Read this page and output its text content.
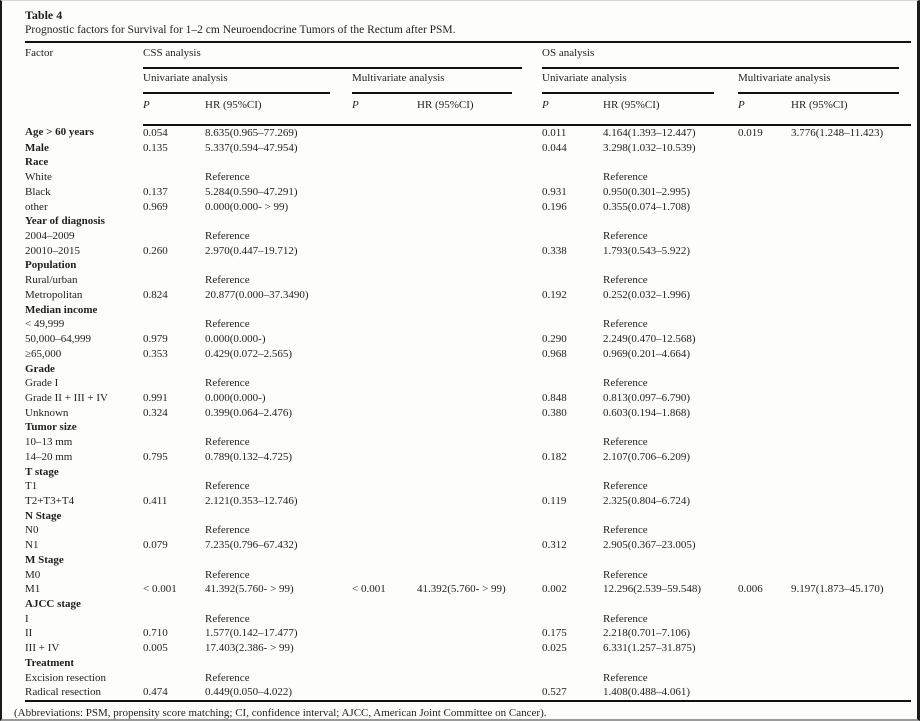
Table 4
Prognostic factors for Survival for 1–2 cm Neuroendocrine Tumors of the Rectum after PSM.
Factor	CSS analysis				OS analysis			
	Univariate analysis		Multivariate analysis		Univariate analysis		Multivariate analysis	
	P	HR (95%CI)	P	HR (95%CI)	P	HR (95%CI)	P	HR (95%CI)
Age > 60 years	0.054	8.635(0.965–77.269)			0.011	4.164(1.393–12.447)	0.019	3.776(1.248–11.423)
Male	0.135	5.337(0.594–47.954)			0.044	3.298(1.032–10.539)		
Race								
White		Reference				Reference		
Black	0.137	5.284(0.590–47.291)			0.931	0.950(0.301–2.995)		
other	0.969	0.000(0.000- > 99)			0.196	0.355(0.074–1.708)		
Year of diagnosis								
2004–2009		Reference				Reference		
20010–2015	0.260	2.970(0.447–19.712)			0.338	1.793(0.543–5.922)		
Population								
Rural/urban		Reference				Reference		
Metropolitan	0.824	20.877(0.000–37.3490)			0.192	0.252(0.032–1.996)		
Median income								
< 49,999		Reference				Reference		
50,000–64,999	0.979	0.000(0.000-)			0.290	2.249(0.470–12.568)		
≥65,000	0.353	0.429(0.072–2.565)			0.968	0.969(0.201–4.664)		
Grade								
Grade I		Reference				Reference		
Grade II + III + IV	0.991	0.000(0.000-)			0.848	0.813(0.097–6.790)		
Unknown	0.324	0.399(0.064–2.476)			0.380	0.603(0.194–1.868)		
Tumor size								
10–13 mm		Reference				Reference		
14–20 mm	0.795	0.789(0.132–4.725)			0.182	2.107(0.706–6.209)		
T stage								
T1		Reference				Reference		
T2+T3+T4	0.411	2.121(0.353–12.746)			0.119	2.325(0.804–6.724)		
N Stage								
N0		Reference				Reference		
N1	0.079	7.235(0.796–67.432)			0.312	2.905(0.367–23.005)		
M Stage								
M0		Reference				Reference		
M1	< 0.001	41.392(5.760- > 99)	< 0.001	41.392(5.760- > 99)	0.002	12.296(2.539–59.548)	0.006	9.197(1.873–45.170)
AJCC stage								
I		Reference				Reference		
II	0.710	1.577(0.142–17.477)			0.175	2.218(0.701–7.106)		
III + IV	0.005	17.403(2.386- > 99)			0.025	6.331(1.257–31.875)		
Treatment								
Excision resection		Reference				Reference		
Radical resection	0.474	0.449(0.050–4.022)			0.527	1.408(0.488–4.061)		
(Abbreviations: PSM, propensity score matching; CI, confidence interval; AJCC, American Joint Committee on Cancer).
